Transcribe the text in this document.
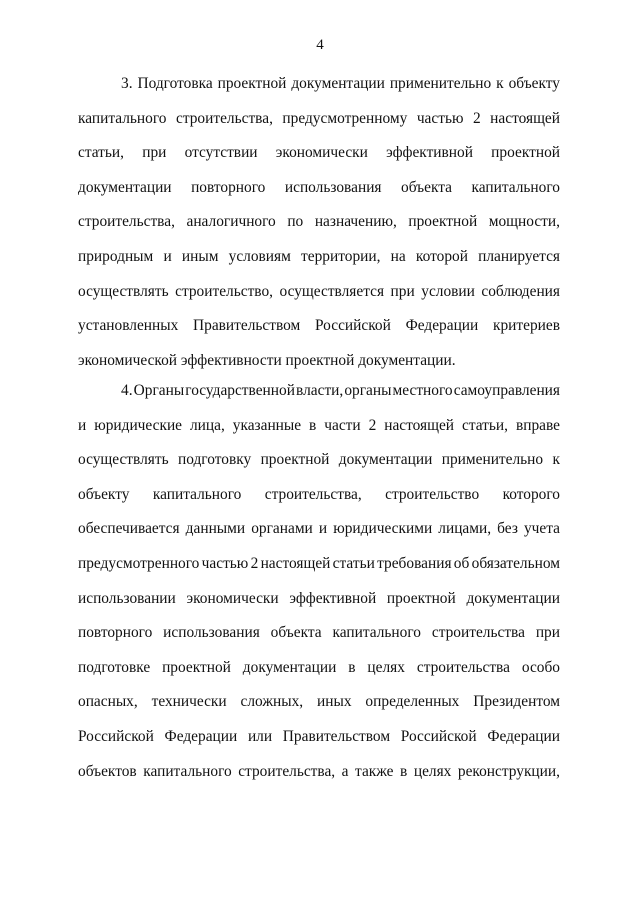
4
3. Подготовка проектной документации применительно к объекту
капитального строительства, предусмотренному частью 2 настоящей
статьи, при отсутствии экономически эффективной проектной
документации повторного использования объекта капитального
строительства, аналогичного по назначению, проектной мощности,
природным и иным условиям территории, на которой планируется
осуществлять строительство, осуществляется при условии соблюдения
установленных Правительством Российской Федерации критериев
экономической эффективности проектной документации.
4. Органы государственной власти, органы местного самоуправления
и юридические лица, указанные в части 2 настоящей статьи, вправе
осуществлять подготовку проектной документации применительно к
объекту капитального строительства, строительство которого
обеспечивается данными органами и юридическими лицами, без учета
предусмотренного частью 2 настоящей статьи требования об обязательном
использовании экономически эффективной проектной документации
повторного использования объекта капитального строительства при
подготовке проектной документации в целях строительства особо
опасных, технически сложных, иных определенных Президентом
Российской Федерации или Правительством Российской Федерации
объектов капитального строительства, а также в целях реконструкции,
